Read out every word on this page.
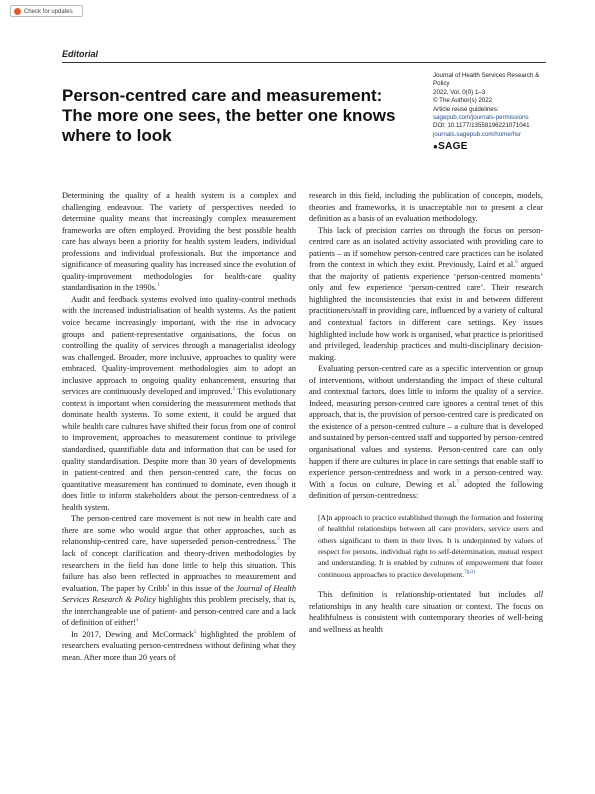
Check for updates
Editorial
Person-centred care and measurement: The more one sees, the better one knows where to look
Journal of Health Services Research &
Policy
2022, Vol. 0(0) 1–3
© The Author(s) 2022
Article reuse guidelines:
sagepub.com/journals-permissions
DOI: 10.1177/13558196221071041
journals.sagepub.com/home/hsr
●SAGE

Determining the quality of a health system is a complex and challenging endeavour. The variety of perspectives needed to determine quality means that increasingly complex measurement frameworks are often employed. Providing the best possible health care has always been a priority for health system leaders, individual professions and individual professionals. But the importance and significance of measuring quality has increased since the evolution of quality-improvement methodologies for health-care quality standardisation in the 1990s.$^1$

Audit and feedback systems evolved into quality-control methods with the increased industrialisation of health systems. As the patient voice became increasingly important, with the rise in advocacy groups and patient-representative organisations, the focus on controlling the quality of services through a managerialist ideology was challenged. Broader, more inclusive, approaches to quality were embraced. Quality-improvement methodologies aim to adopt an inclusive approach to ongoing quality enhancement, ensuring that services are continuously developed and improved.$^2$ This evolutionary context is important when considering the measurement methods that dominate health systems. To some extent, it could be argued that while health care cultures have shifted their focus from one of control to improvement, approaches to measurement continue to privilege standardised, quantifiable data and information that can be used for quality standardisation. Despite more than 30 years of developments in patient-centred and then person-centred care, the focus on quantitative measurement has continued to dominate, even though it does little to inform stakeholders about the person-centredness of a health system.

The person-centred care movement is not new in health care and there are some who would argue that other approaches, such as relationship-centred care, have superseded person-centredness.$^3$ The lack of concept clarification and theory-driven methodologies by researchers in the field has done little to help this situation. This failure has also been reflected in approaches to measurement and evaluation. The paper by Cribb$^4$ in this issue of the Journal of Health Services Research & Policy highlights this problem precisely, that is, the interchangeable use of patient- and person-centred care and a lack of definition of either!$^4$

In 2017, Dewing and McCormack$^5$ highlighted the problem of researchers evaluating person-centredness without defining what they mean. After more than 20 years of

research in this field, including the publication of concepts, models, theories and frameworks, it is unacceptable not to present a clear definition as a basis of an evaluation methodology.

This lack of precision carries on through the focus on person-centred care as an isolated activity associated with providing care to patients – as if somehow person-centred care practices can be isolated from the context in which they exist. Previously, Laird et al.$^6$ argued that the majority of patients experience ‘person-centred moments’ only and few experience ‘person-centred care’. Their research highlighted the inconsistencies that exist in and between different practitioners/staff in providing care, influenced by a variety of cultural and contextual factors in different care settings. Key issues highlighted include how work is organised, what practice is prioritised and privileged, leadership practices and multi-disciplinary decision-making.

Evaluating person-centred care as a specific intervention or group of interventions, without understanding the impact of these cultural and contextual factors, does little to inform the quality of a service. Indeed, measuring person-centred care ignores a central tenet of this approach, that is, the provision of person-centred care is predicated on the existence of a person-centred culture – a culture that is developed and sustained by person-centred staff and supported by person-centred organisational values and systems. Person-centred care can only happen if there are cultures in place in care settings that enable staff to experience person-centredness and work in a person-centred way. With a focus on culture, Dewing et al.$^7$ adopted the following definition of person-centredness:

[A]n approach to practice established through the formation and fostering of healthful relationships between all care providers, service users and others significant to them in their lives. It is underpinned by values of respect for persons, individual right to self-determination, mutual respect and understanding. It is enabled by cultures of empowerment that foster continuous approaches to practice development.$^{7(p3)}$

This definition is relationship-orientated but includes all relationships in any health care situation or context. The focus on healthfulness is consistent with contemporary theories of well-being and wellness as health
